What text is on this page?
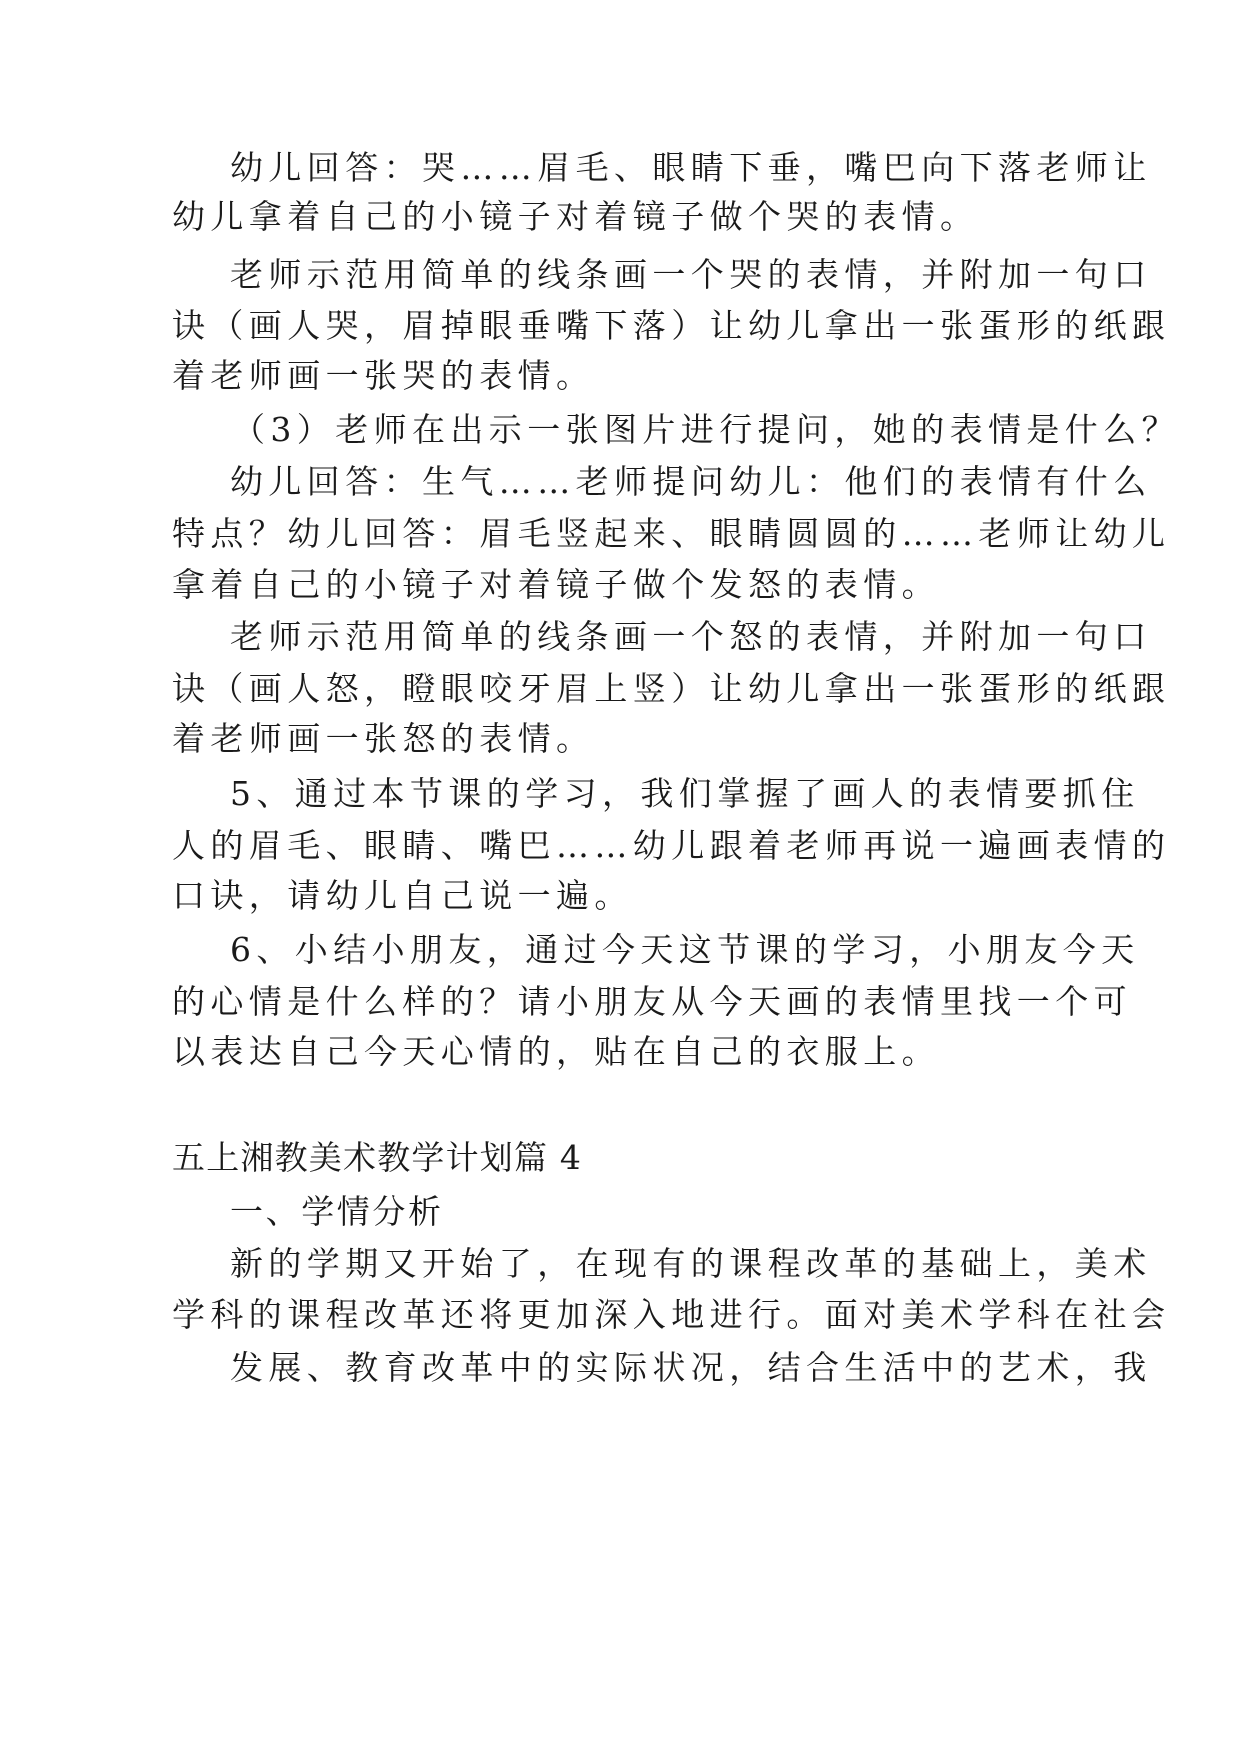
幼儿回答：哭……眉毛、眼睛下垂，嘴巴向下落老师让
幼儿拿着自己的小镜子对着镜子做个哭的表情。
老师示范用简单的线条画一个哭的表情，并附加一句口
诀（画人哭，眉掉眼垂嘴下落）让幼儿拿出一张蛋形的纸跟
着老师画一张哭的表情。
（3）老师在出示一张图片进行提问，她的表情是什么？
幼儿回答：生气……老师提问幼儿：他们的表情有什么
特点？幼儿回答：眉毛竖起来、眼睛圆圆的……老师让幼儿
拿着自己的小镜子对着镜子做个发怒的表情。
老师示范用简单的线条画一个怒的表情，并附加一句口
诀（画人怒，瞪眼咬牙眉上竖）让幼儿拿出一张蛋形的纸跟
着老师画一张怒的表情。
5、通过本节课的学习，我们掌握了画人的表情要抓住
人的眉毛、眼睛、嘴巴……幼儿跟着老师再说一遍画表情的
口诀，请幼儿自己说一遍。
6、小结小朋友，通过今天这节课的学习，小朋友今天
的心情是什么样的？请小朋友从今天画的表情里找一个可
以表达自己今天心情的，贴在自己的衣服上。
五上湘教美术教学计划篇 4
一、学情分析
新的学期又开始了，在现有的课程改革的基础上，美术
学科的课程改革还将更加深入地进行。面对美术学科在社会
发展、教育改革中的实际状况，结合生活中的艺术，我
